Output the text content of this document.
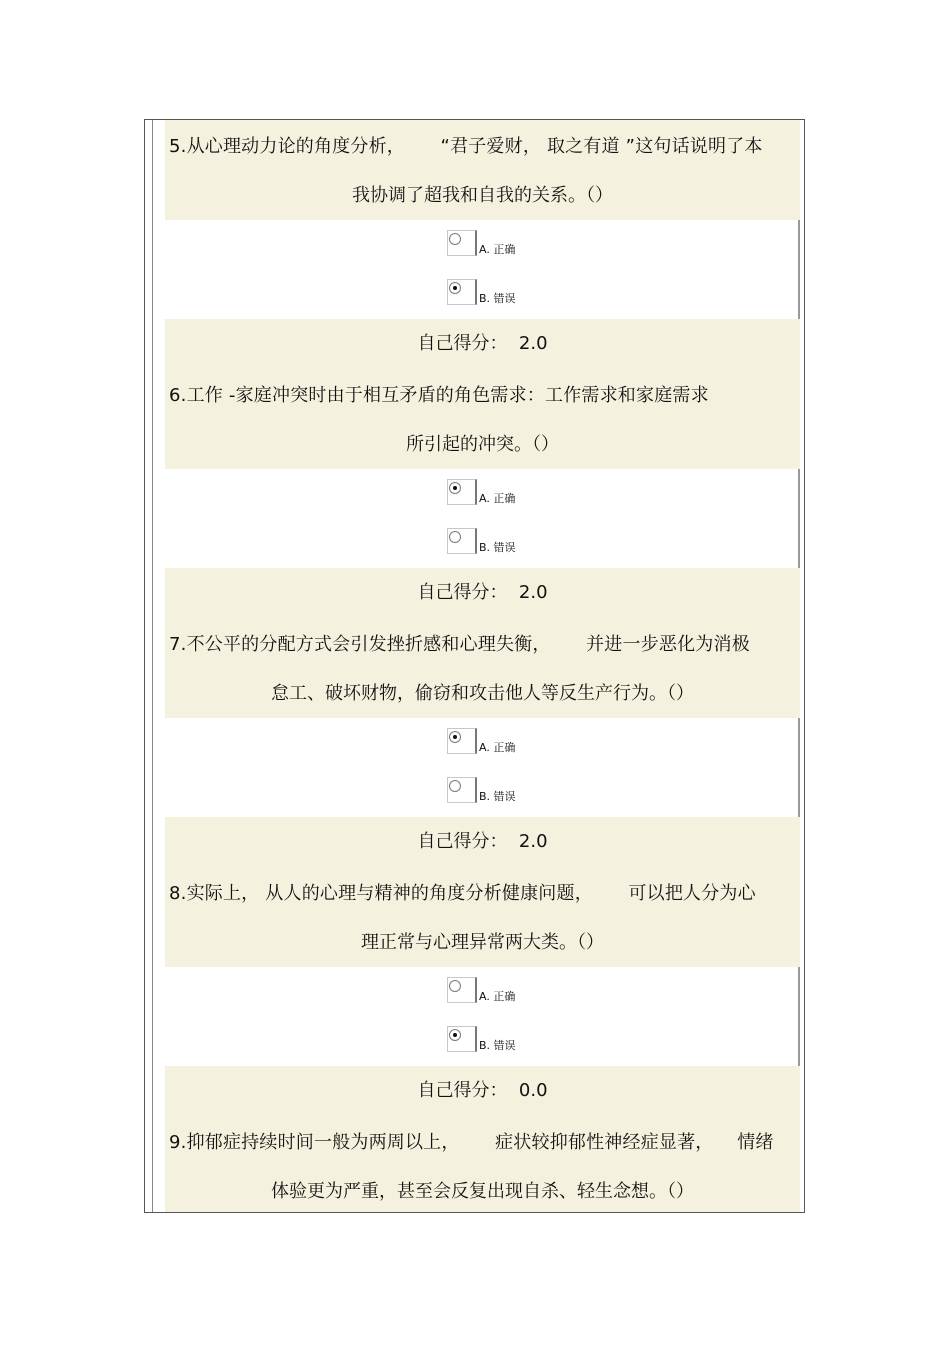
5.从心理动力论的角度分析，      “君子爱财， 取之有道 ”这句话说明了本
我协调了超我和自我的关系。（）
A. 正确
B. 错误
自己得分： 2.0
6.工作 -家庭冲突时由于相互矛盾的角色需求：工作需求和家庭需求
所引起的冲突。（）
A. 正确
B. 错误
自己得分： 2.0
7.不公平的分配方式会引发挫折感和心理失衡，      并进一步恶化为消极
怠工、破坏财物，偷窃和攻击他人等反生产行为。（）
A. 正确
B. 错误
自己得分： 2.0
8.实际上， 从人的心理与精神的角度分析健康问题，      可以把人分为心
理正常与心理异常两大类。（）
A. 正确
B. 错误
自己得分： 0.0
9.抑郁症持续时间一般为两周以上，      症状较抑郁性神经症显著，    情绪
体验更为严重，甚至会反复出现自杀、轻生念想。（）
